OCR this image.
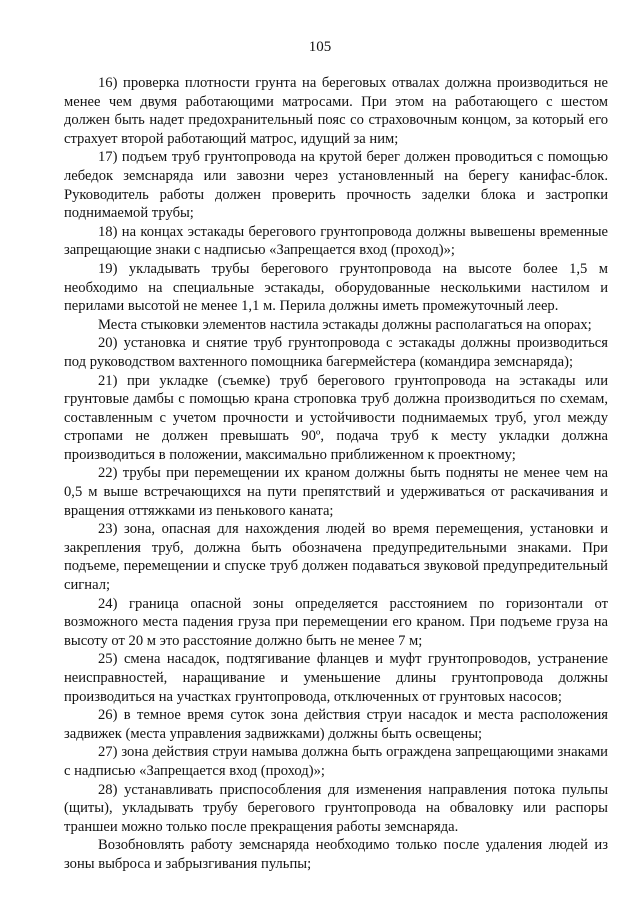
105

16) проверка плотности грунта на береговых отвалах должна производиться не менее чем двумя работающими матросами. При этом на работающего с шестом должен быть надет предохранительный пояс со страховочным концом, за который его страхует второй работающий матрос, идущий за ним;

17) подъем труб грунтопровода на крутой берег должен проводиться с помощью лебедок земснаряда или завозни через установленный на берегу канифас-блок. Руководитель работы должен проверить прочность заделки блока и застропки поднимаемой трубы;

18) на концах эстакады берегового грунтопровода должны вывешены временные запрещающие знаки с надписью «Запрещается вход (проход)»;

19) укладывать трубы берегового грунтопровода на высоте более 1,5 м необходимо на специальные эстакады, оборудованные несколькими настилом и перилами высотой не менее 1,1 м. Перила должны иметь промежуточный леер.

Места стыковки элементов настила эстакады должны располагаться на опорах;

20) установка и снятие труб грунтопровода с эстакады должны производиться под руководством вахтенного помощника багермейстера (командира земснаряда);

21) при укладке (съемке) труб берегового грунтопровода на эстакады или грунтовые дамбы с помощью крана строповка труб должна производиться по схемам, составленным с учетом прочности и устойчивости поднимаемых труб, угол между стропами не должен превышать 90º, подача труб к месту укладки должна производиться в положении, максимально приближенном к проектному;

22) трубы при перемещении их краном должны быть подняты не менее чем на 0,5 м выше встречающихся на пути препятствий и удерживаться от раскачивания и вращения оттяжками из пенькового каната;

23) зона, опасная для нахождения людей во время перемещения, установки и закрепления труб, должна быть обозначена предупредительными знаками. При подъеме, перемещении и спуске труб должен подаваться звуковой предупредительный сигнал;

24) граница опасной зоны определяется расстоянием по горизонтали от возможного места падения груза при перемещении его краном. При подъеме груза на высоту от 20 м это расстояние должно быть не менее 7 м;

25) смена насадок, подтягивание фланцев и муфт грунтопроводов, устранение неисправностей, наращивание и уменьшение длины грунтопровода должны производиться на участках грунтопровода, отключенных от грунтовых насосов;

26) в темное время суток зона действия струи насадок и места расположения задвижек (места управления задвижками) должны быть освещены;

27) зона действия струи намыва должна быть ограждена запрещающими знаками с надписью «Запрещается вход (проход)»;

28) устанавливать приспособления для изменения направления потока пульпы (щиты), укладывать трубу берегового грунтопровода на обваловку или распоры траншеи можно только после прекращения работы земснаряда.

Возобновлять работу земснаряда необходимо только после удаления людей из зоны выброса и забрызгивания пульпы;
